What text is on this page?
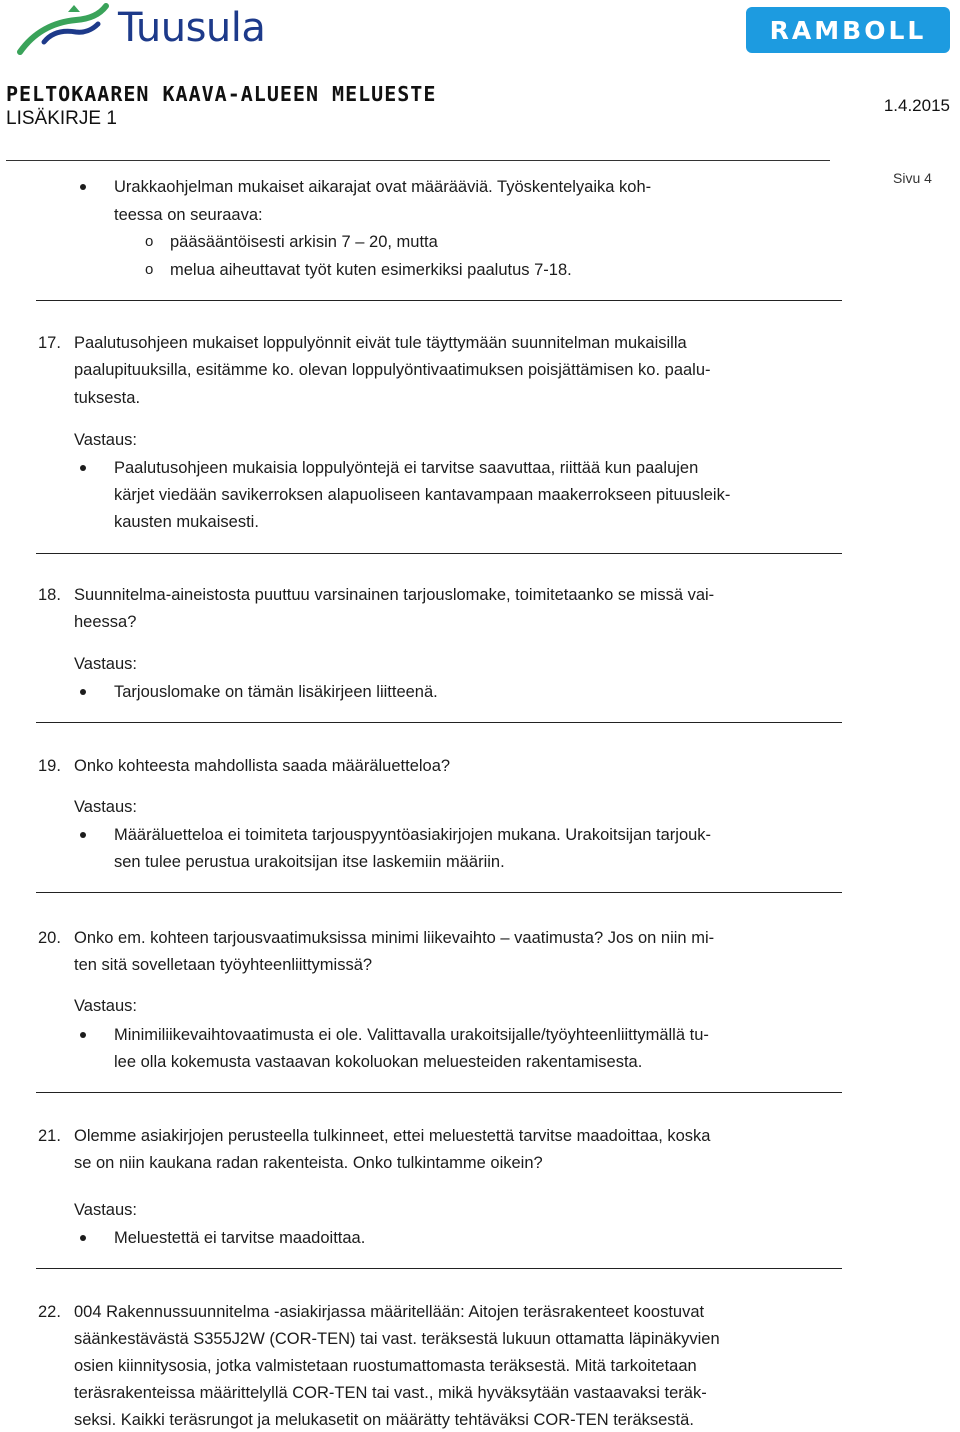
Tuusula	RAMBOLL
PELTOKAAREN KAAVA-ALUEEN MELUESTE
LISÄKIRJE 1
1.4.2015
Sivu 4
Urakkaohjelman mukaiset aikarajat ovat määrääviä. Työskentelyaika koh-
teessa on seuraava:
o pääsääntöisesti arkisin 7 – 20, mutta
o melua aiheuttavat työt kuten esimerkiksi paalutus 7-18.
17. Paalutusohjeen mukaiset loppulyönnit eivät tule täyttymään suunnitelman mukaisilla
paalupituuksilla, esitämme ko. olevan loppulyöntivaatimuksen poisjättämisen ko. paalu-
tuksesta.
Vastaus:
Paalutusohjeen mukaisia loppulyöntejä ei tarvitse saavuttaa, riittää kun paalujen
kärjet viedään savikerroksen alapuoliseen kantavampaan maakerrokseen pituusleik-
kausten mukaisesti.
18. Suunnitelma-aineistosta puuttuu varsinainen tarjouslomake, toimitetaanko se missä vai-
heessa?
Vastaus:
Tarjouslomake on tämän lisäkirjeen liitteenä.
19. Onko kohteesta mahdollista saada määräluetteloa?
Vastaus:
Määräluetteloa ei toimiteta tarjouspyyntöasiakirjojen mukana. Urakoitsijan tarjouk-
sen tulee perustua urakoitsijan itse laskemiin määriin.
20. Onko em. kohteen tarjousvaatimuksissa minimi liikevaihto – vaatimusta? Jos on niin mi-
ten sitä sovelletaan työyhteenliittymissä?
Vastaus:
Minimiliikevaihtovaatimusta ei ole. Valittavalla urakoitsijalle/työyhteenliittymällä tu-
lee olla kokemusta vastaavan kokoluokan meluesteiden rakentamisesta.
21. Olemme asiakirjojen perusteella tulkinneet, ettei meluestettä tarvitse maadoittaa, koska
se on niin kaukana radan rakenteista. Onko tulkintamme oikein?
Vastaus:
Meluestettä ei tarvitse maadoittaa.
22. 004 Rakennussuunnitelma -asiakirjassa määritellään: Aitojen teräsrakenteet koostuvat
säänkestävästä S355J2W (COR-TEN) tai vast. teräksestä lukuun ottamatta läpinäkyvien
osien kiinnitysosia, jotka valmistetaan ruostumattomasta teräksestä. Mitä tarkoitetaan
teräsrakenteissa määrittelyllä COR-TEN tai vast., mikä hyväksytään vastaavaksi teräk-
seksi. Kaikki teräsrungot ja melukasetit on määrätty tehtäväksi COR-TEN teräksestä.
